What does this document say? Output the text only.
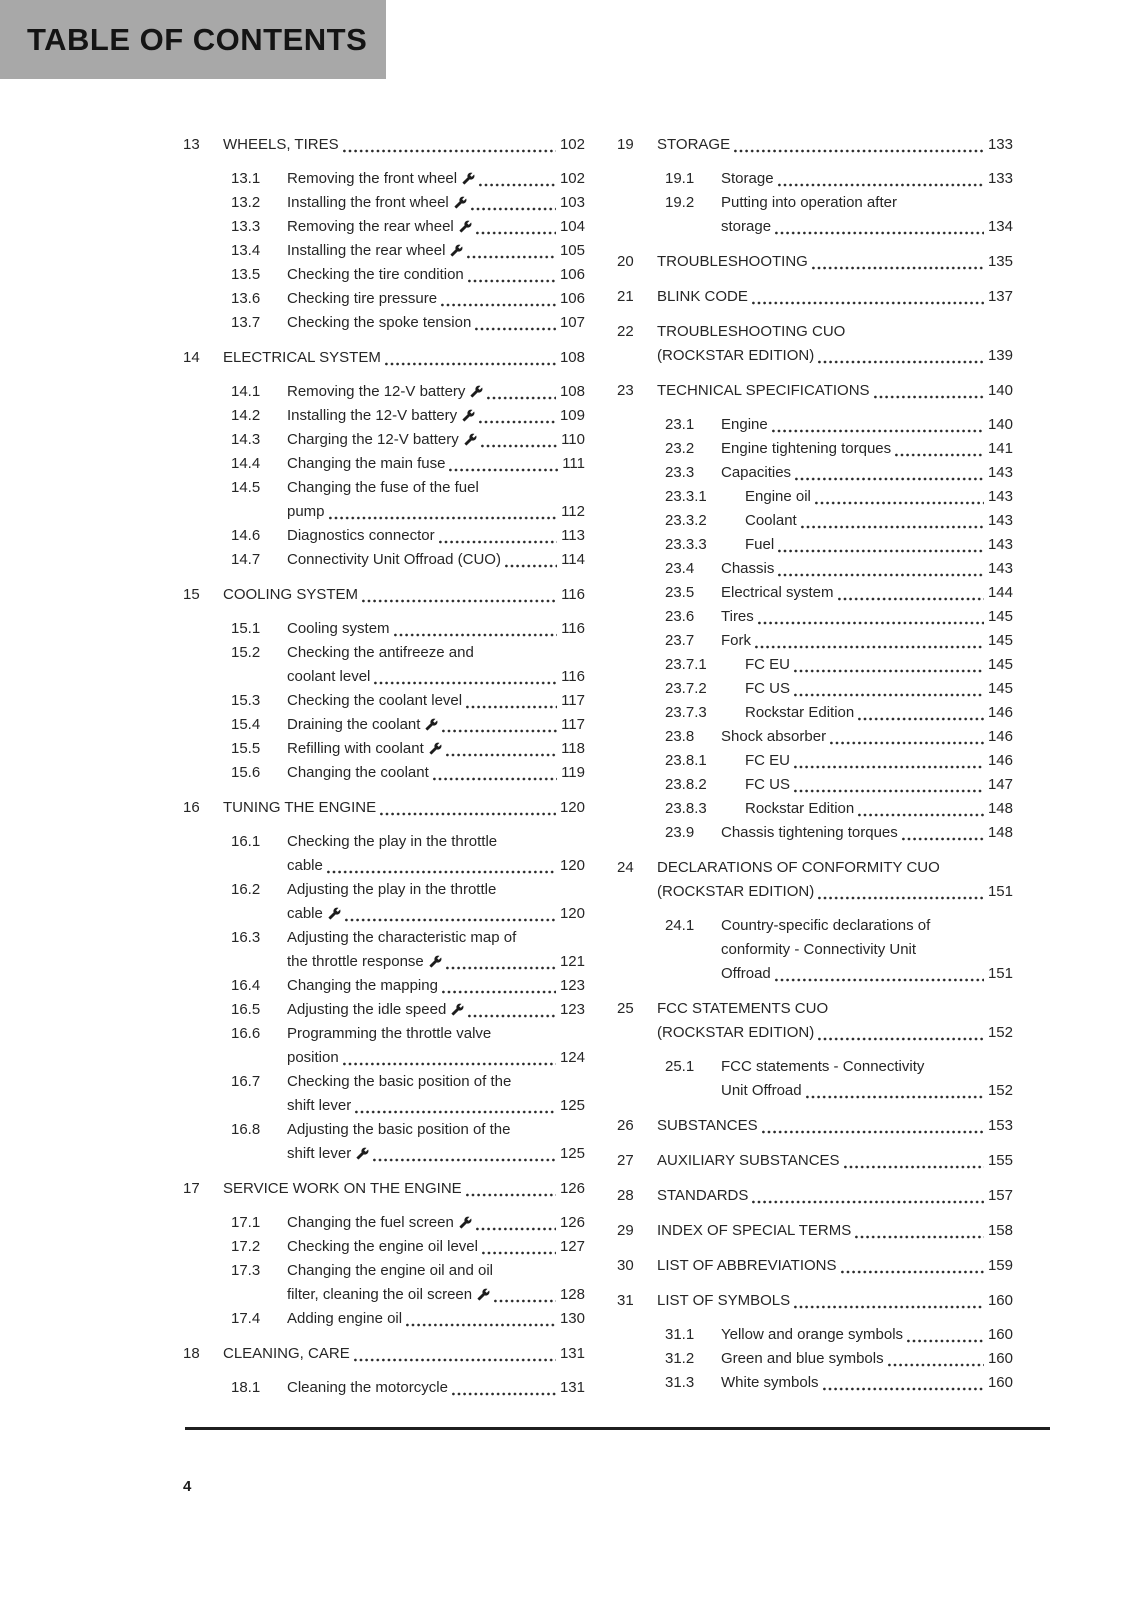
TABLE OF CONTENTS
13	WHEELS, TIRES	102
13.1	Removing the front wheel	102
13.2	Installing the front wheel	103
13.3	Removing the rear wheel	104
13.4	Installing the rear wheel	105
13.5	Checking the tire condition	106
13.6	Checking tire pressure	106
13.7	Checking the spoke tension	107
14	ELECTRICAL SYSTEM	108
14.1	Removing the 12-V battery	108
14.2	Installing the 12-V battery	109
14.3	Charging the 12-V battery	110
14.4	Changing the main fuse	111
14.5	Changing the fuse of the fuel
pump	112
14.6	Diagnostics connector	113
14.7	Connectivity Unit Offroad (CUO)	114
15	COOLING SYSTEM	116
15.1	Cooling system	116
15.2	Checking the antifreeze and
coolant level	116
15.3	Checking the coolant level	117
15.4	Draining the coolant	117
15.5	Refilling with coolant	118
15.6	Changing the coolant	119
16	TUNING THE ENGINE	120
16.1	Checking the play in the throttle
cable	120
16.2	Adjusting the play in the throttle
cable	120
16.3	Adjusting the characteristic map of
the throttle response	121
16.4	Changing the mapping	123
16.5	Adjusting the idle speed	123
16.6	Programming the throttle valve
position	124
16.7	Checking the basic position of the
shift lever	125
16.8	Adjusting the basic position of the
shift lever	125
17	SERVICE WORK ON THE ENGINE	126
17.1	Changing the fuel screen	126
17.2	Checking the engine oil level	127
17.3	Changing the engine oil and oil
filter, cleaning the oil screen	128
17.4	Adding engine oil	130
18	CLEANING, CARE	131
18.1	Cleaning the motorcycle	131
19	STORAGE	133
19.1	Storage	133
19.2	Putting into operation after
storage	134
20	TROUBLESHOOTING	135
21	BLINK CODE	137
22	TROUBLESHOOTING CUO
(ROCKSTAR EDITION)	139
23	TECHNICAL SPECIFICATIONS	140
23.1	Engine	140
23.2	Engine tightening torques	141
23.3	Capacities	143
23.3.1	Engine oil	143
23.3.2	Coolant	143
23.3.3	Fuel	143
23.4	Chassis	143
23.5	Electrical system	144
23.6	Tires	145
23.7	Fork	145
23.7.1	FC EU	145
23.7.2	FC US	145
23.7.3	Rockstar Edition	146
23.8	Shock absorber	146
23.8.1	FC EU	146
23.8.2	FC US	147
23.8.3	Rockstar Edition	148
23.9	Chassis tightening torques	148
24	DECLARATIONS OF CONFORMITY CUO
(ROCKSTAR EDITION)	151
24.1	Country-specific declarations of
conformity - Connectivity Unit
Offroad	151
25	FCC STATEMENTS CUO
(ROCKSTAR EDITION)	152
25.1	FCC statements - Connectivity
Unit Offroad	152
26	SUBSTANCES	153
27	AUXILIARY SUBSTANCES	155
28	STANDARDS	157
29	INDEX OF SPECIAL TERMS	158
30	LIST OF ABBREVIATIONS	159
31	LIST OF SYMBOLS	160
31.1	Yellow and orange symbols	160
31.2	Green and blue symbols	160
31.3	White symbols	160
4
